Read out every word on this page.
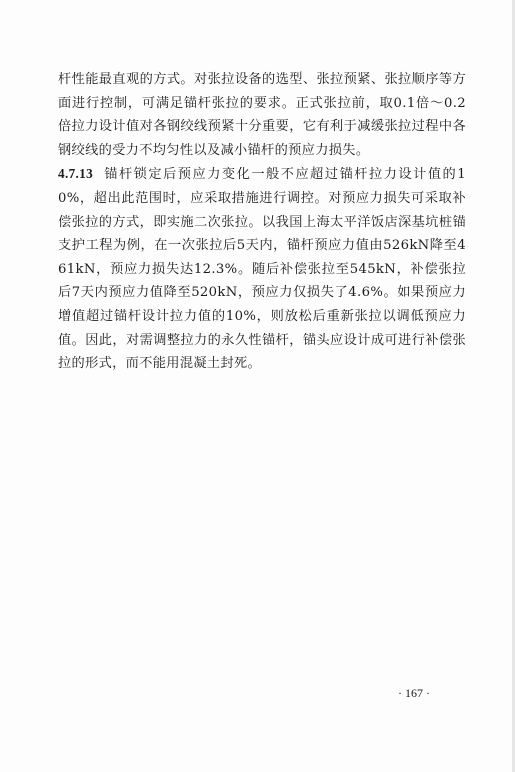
杆性能最直观的方式。对张拉设备的选型、张拉预紧、张拉顺序等方面进行控制，可满足锚杆张拉的要求。正式张拉前，取0.1倍～0.2倍拉力设计值对各钢绞线预紧十分重要，它有利于减缓张拉过程中各钢绞线的受力不均匀性以及减小锚杆的预应力损失。

4.7.13 锚杆锁定后预应力变化一般不应超过锚杆拉力设计值的10%，超出此范围时，应采取措施进行调控。对预应力损失可采取补偿张拉的方式，即实施二次张拉。以我国上海太平洋饭店深基坑桩锚支护工程为例，在一次张拉后5天内，锚杆预应力值由526kN降至461kN，预应力损失达12.3%。随后补偿张拉至545kN，补偿张拉后7天内预应力值降至520kN，预应力仅损失了4.6%。如果预应力增值超过锚杆设计拉力值的10%，则放松后重新张拉以调低预应力值。因此，对需调整拉力的永久性锚杆，锚头应设计成可进行补偿张拉的形式，而不能用混凝土封死。

· 167 ·
